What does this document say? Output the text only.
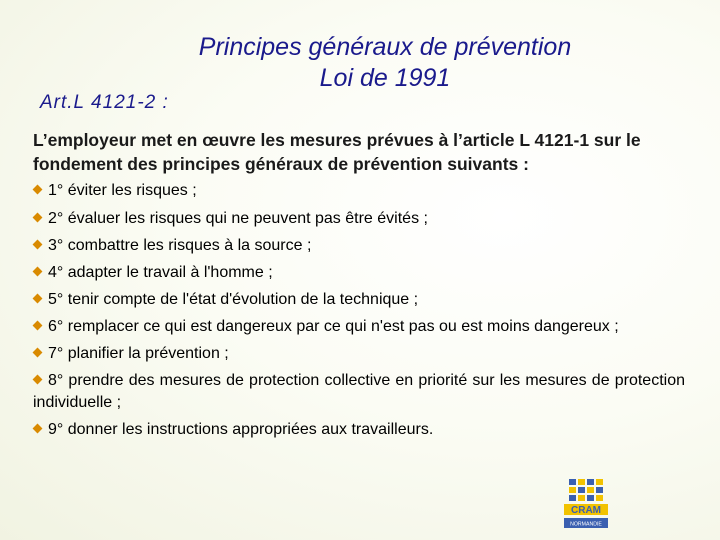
Principes généraux de prévention
Loi de 1991
Art.L 4121-2 :
L’employeur met en œuvre les mesures prévues à l’article L 4121-1 sur le fondement des principes généraux de prévention suivants :

1° éviter les risques ;

2° évaluer les risques qui ne peuvent pas être évités ;

3° combattre les risques à la source ;

4° adapter le travail à l'homme ;

5° tenir compte de l'état d'évolution de la technique ;

6° remplacer ce qui est dangereux par ce qui n'est pas ou est moins dangereux ;

7° planifier la prévention ;

8° prendre des mesures de protection collective en priorité sur les mesures de protection individuelle ;

9° donner les instructions appropriées aux travailleurs.

CRAM
NORMANDIE
